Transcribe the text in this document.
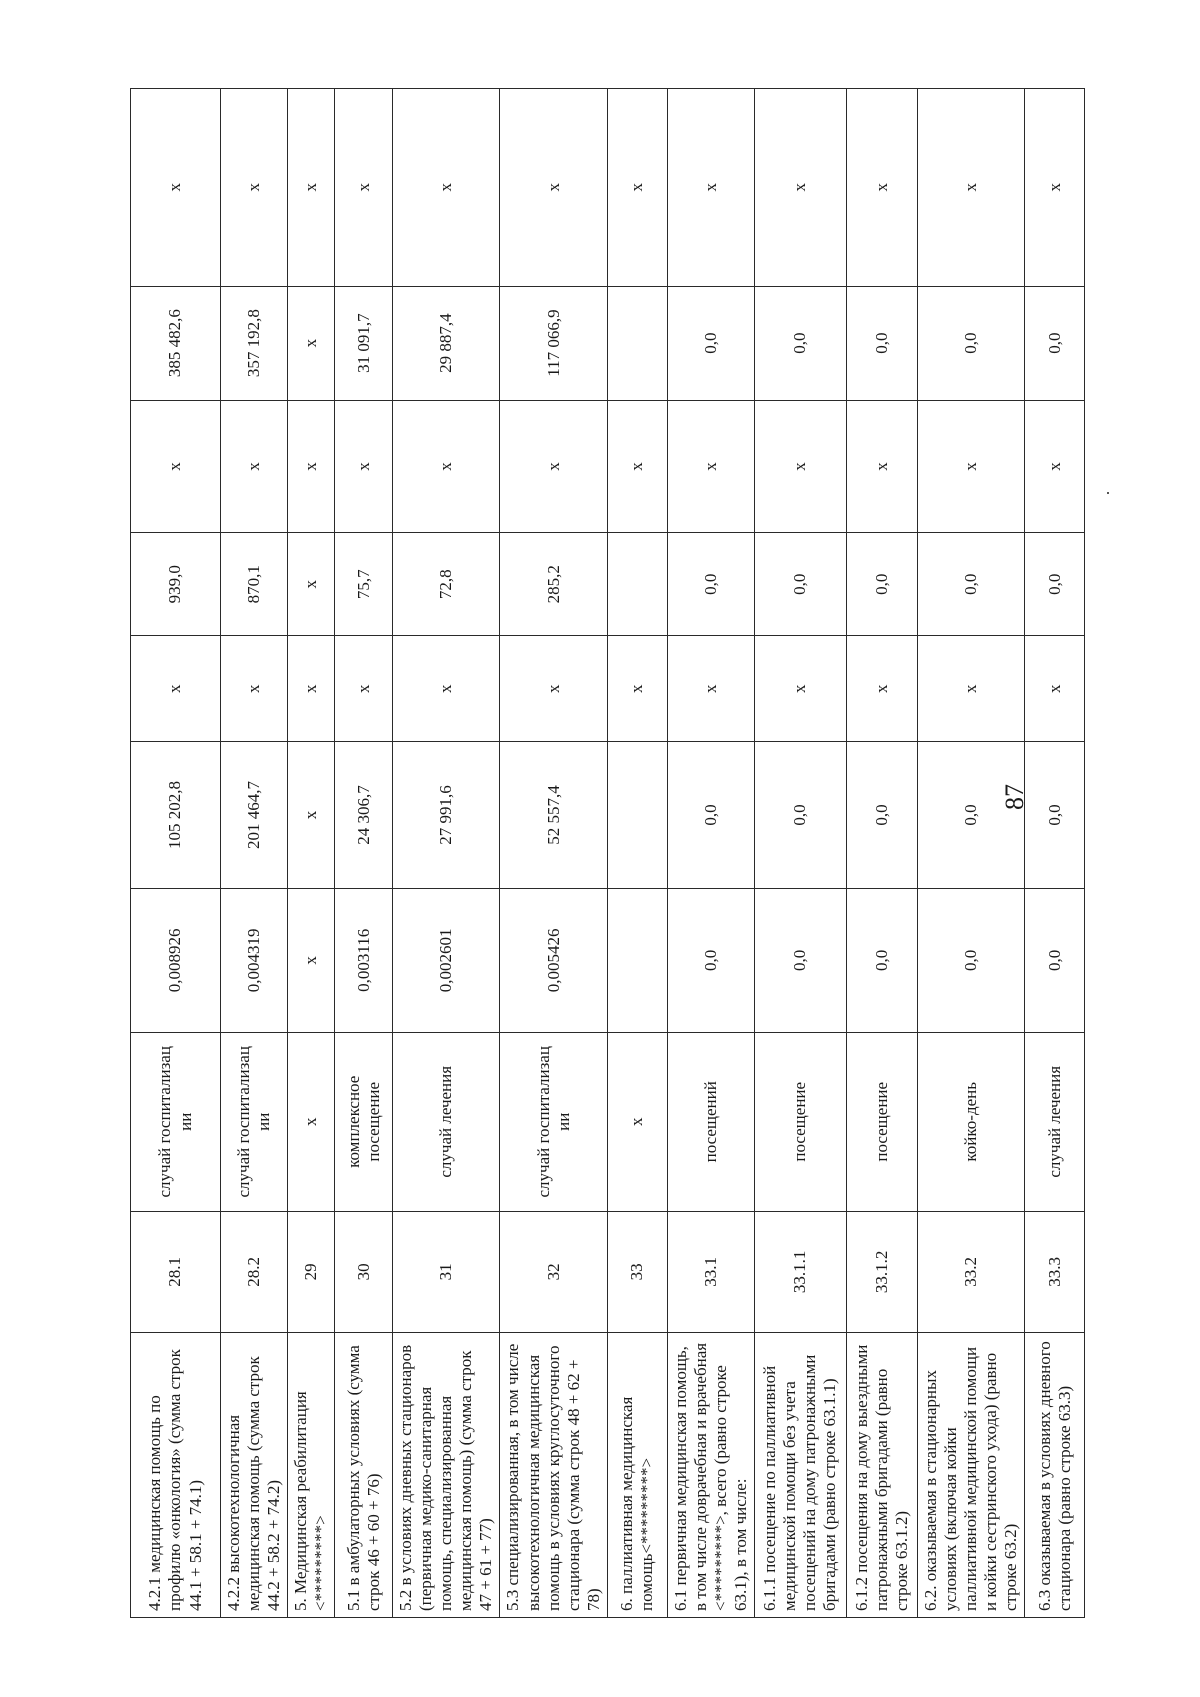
4.2.1 медицинская помощь по профилю «онкология» (сумма строк 44.1 + 58.1 + 74.1)	28.1	случай госпитализац ии	0,008926	105 202,8	х	939,0	х	385 482,6	х
4.2.2 высокотехнологичная медицинская помощь (сумма строк 44.2 + 58.2 + 74.2)	28.2	случай госпитализац ии	0,004319	201 464,7	х	870,1	х	357 192,8	х
5. Медицинская реабилитация <*********>	29	х	х	х	х	х	х	х	х
5.1 в амбулаторных условиях (сумма строк 46 + 60 + 76)	30	комплексное посещение	0,003116	24 306,7	х	75,7	х	31 091,7	х
5.2 в условиях дневных стационаров (первичная медико-санитарная помощь, специализированная медицинская помощь) (сумма строк 47 + 61 + 77)	31	случай лечения	0,002601	27 991,6	х	72,8	х	29 887,4	х
5.3 специализированная, в том числе высокотехнологичная медицинская помощь в условиях круглосуточного стационара (сумма строк 48 + 62 + 78)	32	случай госпитализац ии	0,005426	52 557,4	х	285,2	х	117 066,9	х
6. паллиативная медицинская помощь<*********>	33	х			х		х		х
6.1 первичная медицинская помощь, в том числе доврачебная и врачебная <*********>, всего (равно строке 63.1), в том числе:	33.1	посещений	0,0	0,0	х	0,0	х	0,0	х
6.1.1 посещение по паллиативной медицинской помощи без учета посещений на дому патронажными бригадами (равно строке 63.1.1)	33.1.1	посещение	0,0	0,0	х	0,0	х	0,0	х
6.1.2 посещения на дому выездными патронажными бригадами (равно строке 63.1.2)	33.1.2	посещение	0,0	0,0	х	0,0	х	0,0	х
6.2. оказываемая в стационарных условиях (включая койки паллиативной медицинской помощи и койки сестринского ухода) (равно строке 63.2)	33.2	койко-день	0,0	0,0	х	0,0	х	0,0	х
6.3 оказываемая в условиях дневного стационара (равно строке 63.3)	33.3	случай лечения	0,0	0,0	х	0,0	х	0,0	х
87
